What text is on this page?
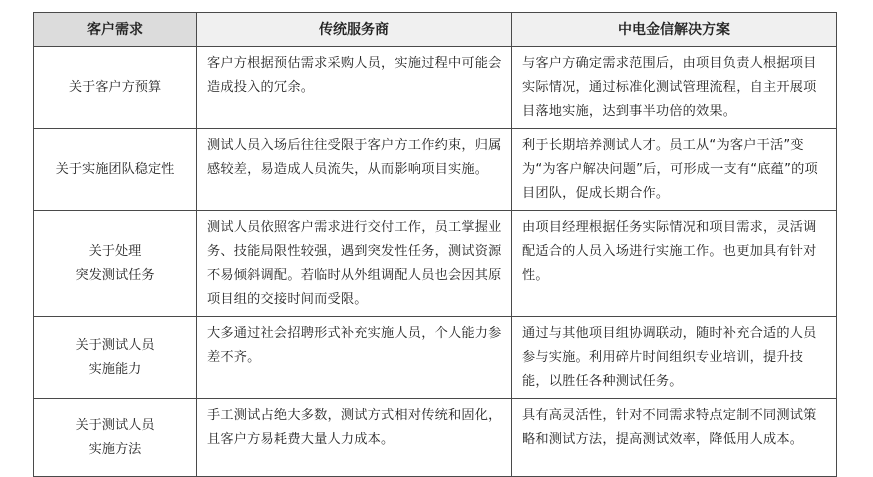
客户需求	传统服务商	中电金信解决方案

关于客户方预算	客户方根据预估需求采购人员，实施过程中可能会造成投入的冗余。	与客户方确定需求范围后，由项目负责人根据项目实际情况，通过标准化测试管理流程，自主开展项目落地实施，达到事半功倍的效果。

关于实施团队稳定性	测试人员入场后往往受限于客户方工作约束，归属感较差，易造成人员流失，从而影响项目实施。	利于长期培养测试人才。员工从“为客户干活”变为“为客户解决问题”后，可形成一支有“底蕴”的项目团队，促成长期合作。

关于处理
突发测试任务	测试人员依照客户需求进行交付工作，员工掌握业务、技能局限性较强，遇到突发性任务，测试资源不易倾斜调配。若临时从外组调配人员也会因其原项目组的交接时间而受限。	由项目经理根据任务实际情况和项目需求，灵活调配适合的人员入场进行实施工作。也更加具有针对性。

关于测试人员
实施能力	大多通过社会招聘形式补充实施人员，个人能力参差不齐。	通过与其他项目组协调联动，随时补充合适的人员参与实施。利用碎片时间组织专业培训，提升技能，以胜任各种测试任务。

关于测试人员
实施方法	手工测试占绝大多数，测试方式相对传统和固化，且客户方易耗费大量人力成本。	具有高灵活性，针对不同需求特点定制不同测试策略和测试方法，提高测试效率，降低用人成本。
